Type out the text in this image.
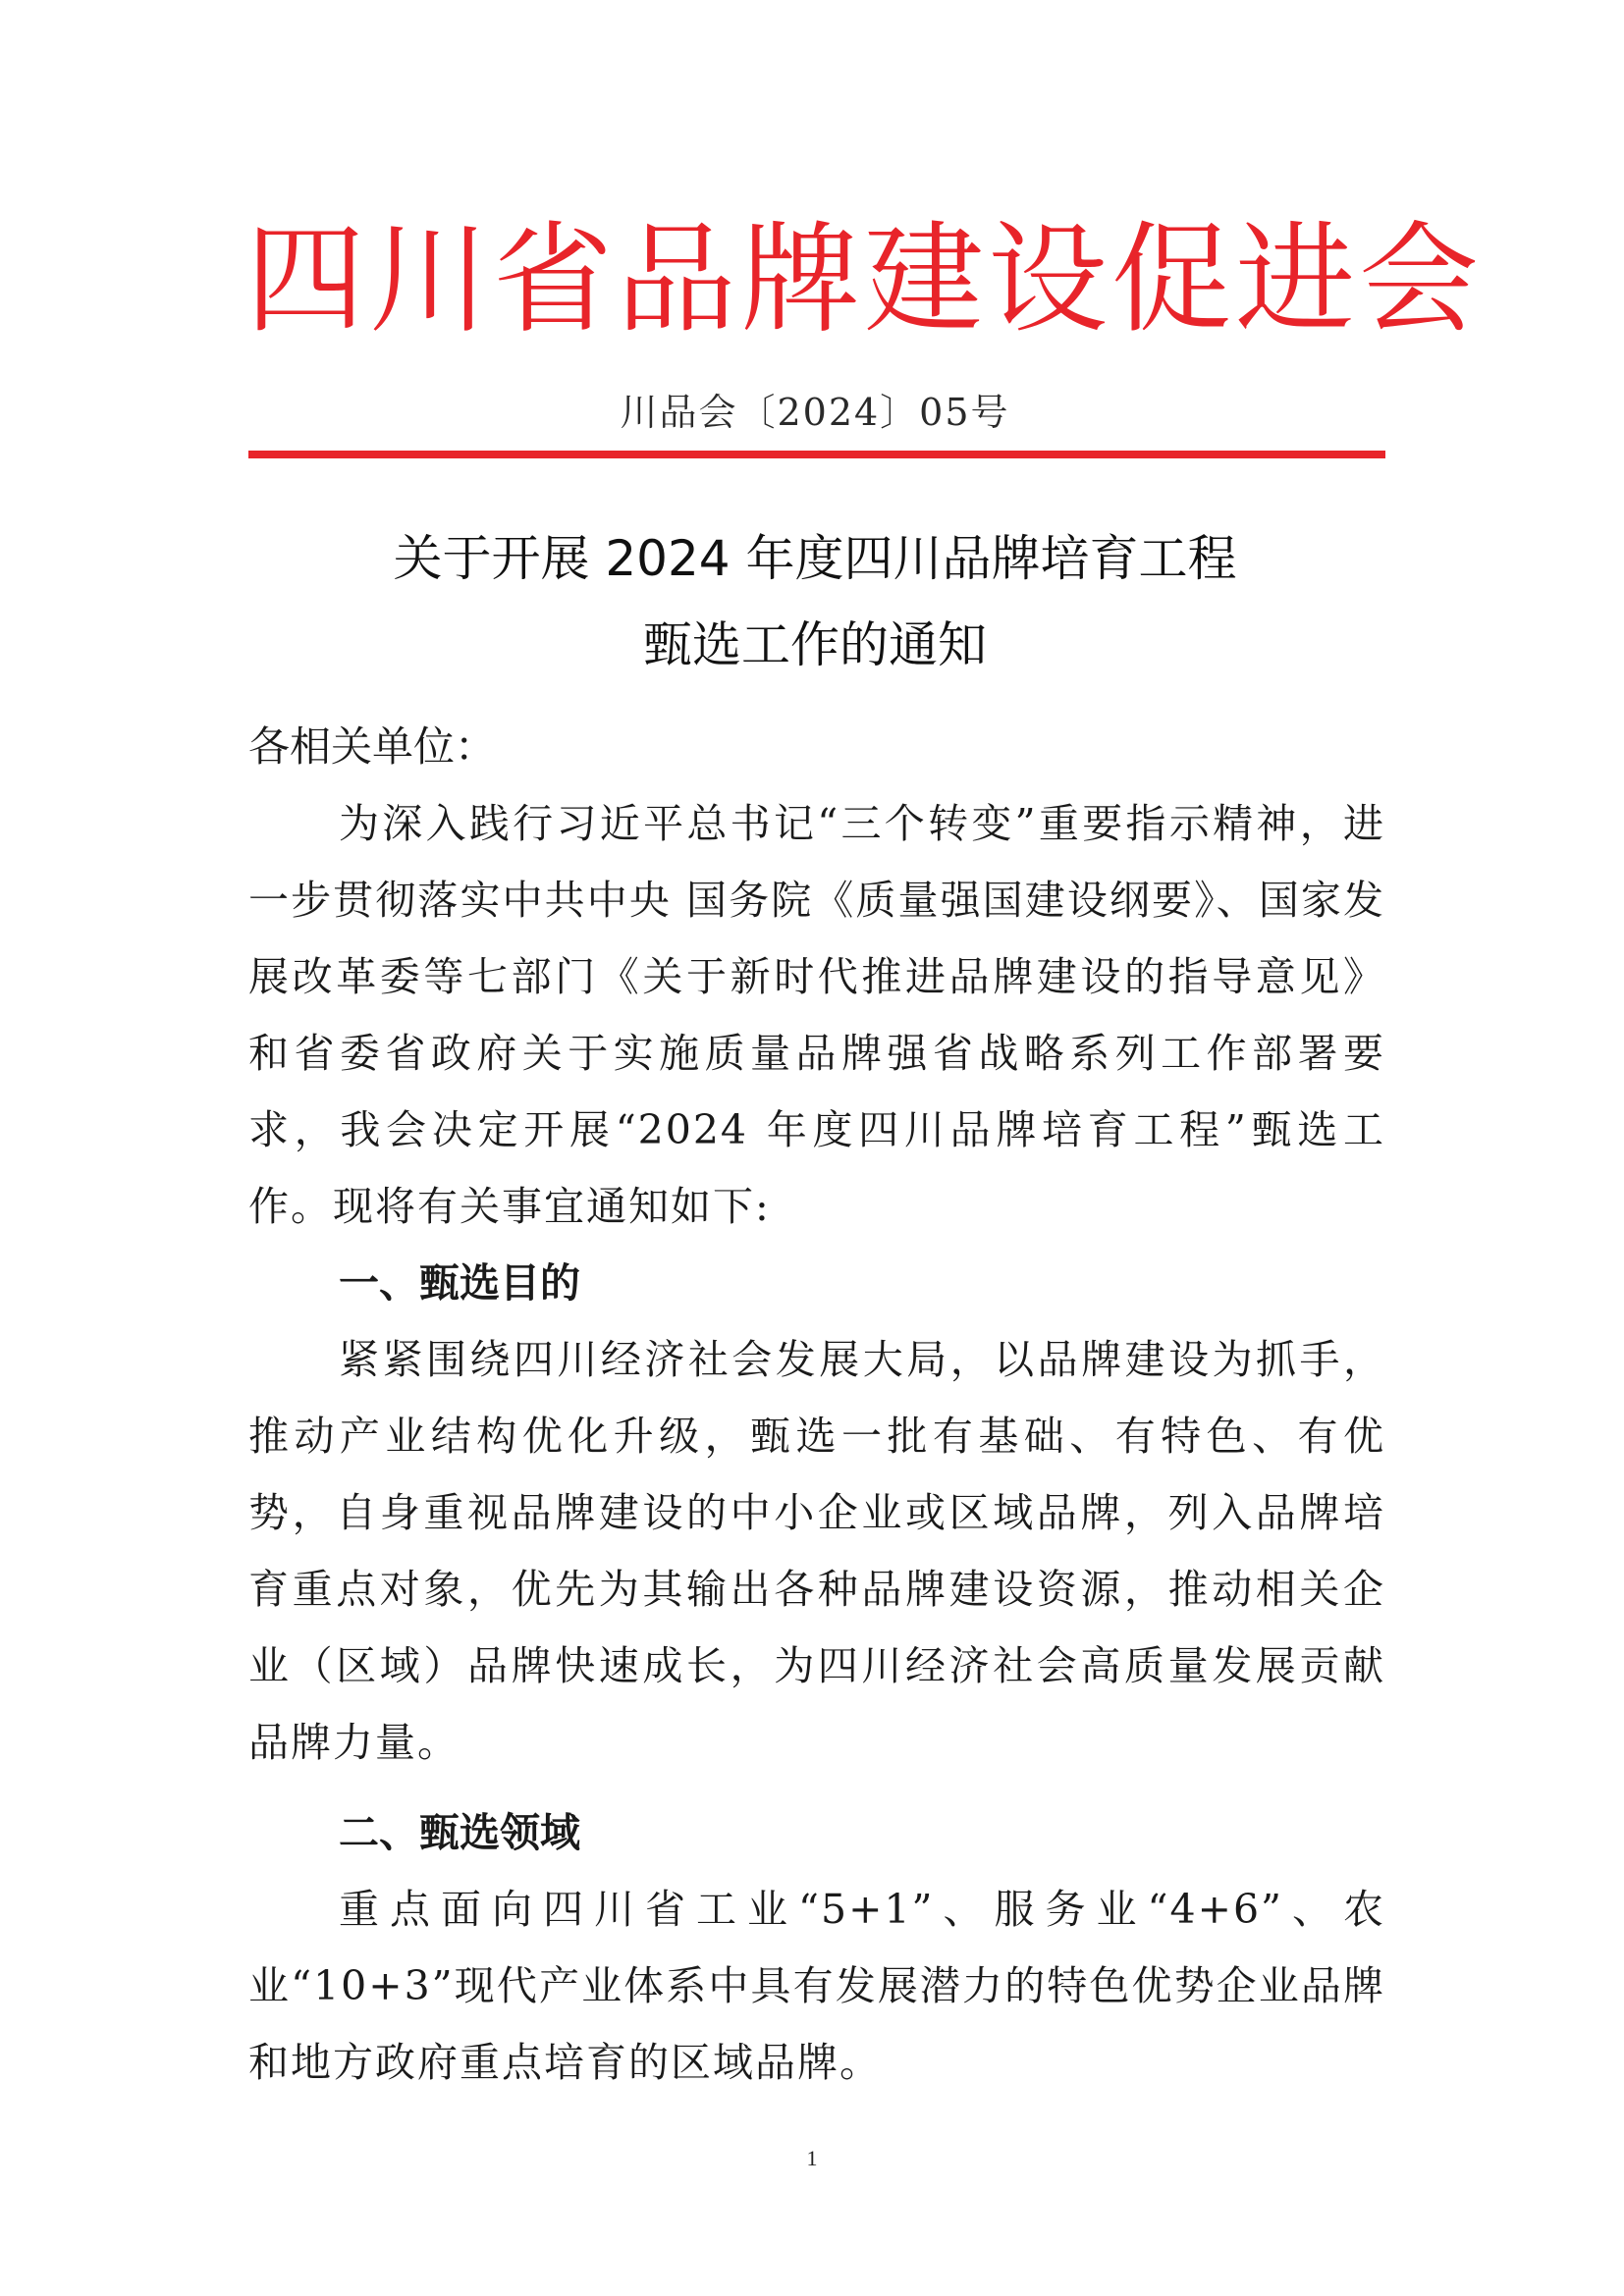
四川省品牌建设促进会
川品会〔2024〕05号
关于开展 2024 年度四川品牌培育工程
甄选工作的通知
各相关单位：

为深入践行习近平总书记“三个转变”重要指示精神，进一步贯彻落实中共中央 国务院《质量强国建设纲要》、国家发展改革委等七部门《关于新时代推进品牌建设的指导意见》和省委省政府关于实施质量品牌强省战略系列工作部署要求，我会决定开展“2024 年度四川品牌培育工程”甄选工作。现将有关事宜通知如下:

一、甄选目的

紧紧围绕四川经济社会发展大局，以品牌建设为抓手，推动产业结构优化升级，甄选一批有基础、有特色、有优势，自身重视品牌建设的中小企业或区域品牌，列入品牌培育重点对象，优先为其输出各种品牌建设资源，推动相关企业（区域）品牌快速成长，为四川经济社会高质量发展贡献品牌力量。

二、甄选领域

重点面向四川省工业“5+1”、服务业“4+6”、农业“10+3”现代产业体系中具有发展潜力的特色优势企业品牌和地方政府重点培育的区域品牌。

1
